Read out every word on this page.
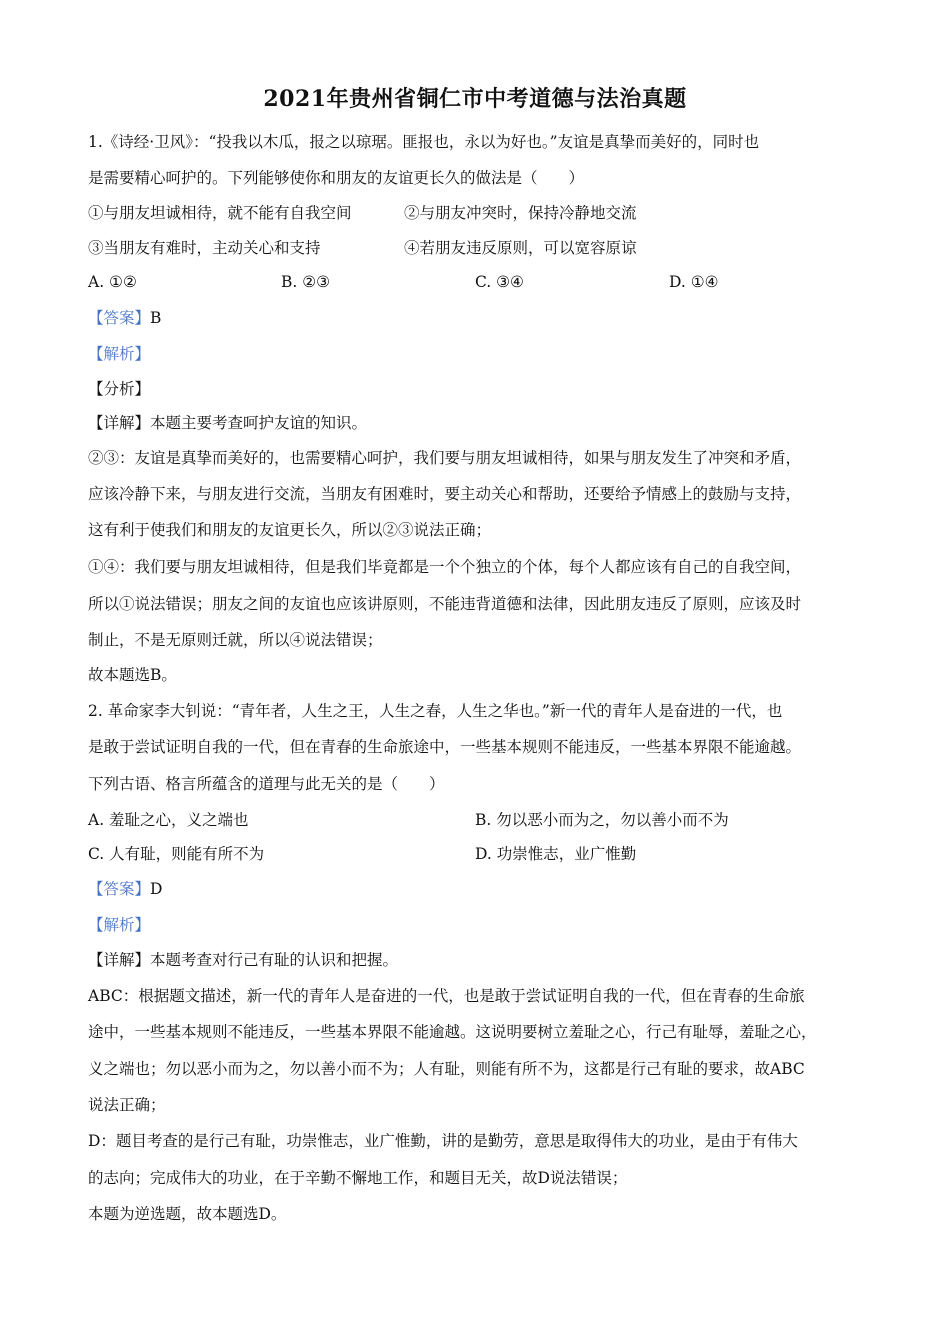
2021年贵州省铜仁市中考道德与法治真题
1.《诗经·卫风》：“投我以木瓜，报之以琼琚。匪报也，永以为好也。”友谊是真挚而美好的，同时也
是需要精心呵护的。下列能够使你和朋友的友谊更长久的做法是（　　）
①与朋友坦诚相待，就不能有自我空间	②与朋友冲突时，保持冷静地交流
③当朋友有难时，主动关心和支持	④若朋友违反原则，可以宽容原谅
A. ①②	B. ②③	C. ③④	D. ①④
【答案】B
【解析】
【分析】
【详解】本题主要考查呵护友谊的知识。
②③：友谊是真挚而美好的，也需要精心呵护，我们要与朋友坦诚相待，如果与朋友发生了冲突和矛盾，
应该冷静下来，与朋友进行交流，当朋友有困难时，要主动关心和帮助，还要给予情感上的鼓励与支持，
这有利于使我们和朋友的友谊更长久，所以②③说法正确；
①④：我们要与朋友坦诚相待，但是我们毕竟都是一个个独立的个体，每个人都应该有自己的自我空间，
所以①说法错误；朋友之间的友谊也应该讲原则，不能违背道德和法律，因此朋友违反了原则，应该及时
制止，不是无原则迁就，所以④说法错误；
故本题选B。
2. 革命家李大钊说：“青年者，人生之王，人生之春，人生之华也。”新一代的青年人是奋进的一代，也
是敢于尝试证明自我的一代，但在青春的生命旅途中，一些基本规则不能违反，一些基本界限不能逾越。
下列古语、格言所蕴含的道理与此无关的是（　　）
A. 羞耻之心，义之端也	B. 勿以恶小而为之，勿以善小而不为
C. 人有耻，则能有所不为	D. 功崇惟志，业广惟勤
【答案】D
【解析】
【详解】本题考查对行己有耻的认识和把握。
ABC：根据题文描述，新一代的青年人是奋进的一代，也是敢于尝试证明自我的一代，但在青春的生命旅
途中，一些基本规则不能违反，一些基本界限不能逾越。这说明要树立羞耻之心，行己有耻辱，羞耻之心，
义之端也；勿以恶小而为之，勿以善小而不为；人有耻，则能有所不为，这都是行己有耻的要求，故ABC
说法正确；
D：题目考查的是行己有耻，功崇惟志，业广惟勤，讲的是勤劳，意思是取得伟大的功业，是由于有伟大
的志向；完成伟大的功业，在于辛勤不懈地工作，和题目无关，故D说法错误；
本题为逆选题，故本题选D。
